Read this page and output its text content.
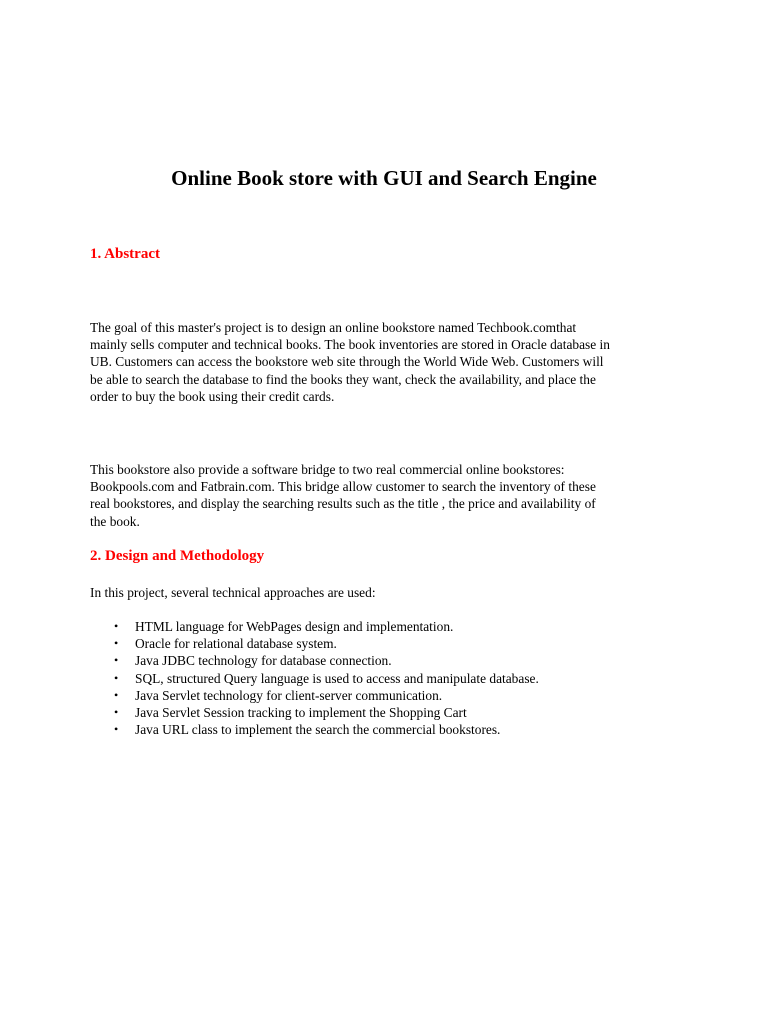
Online Book store with GUI and Search Engine
1. Abstract

The goal of this master's project is to design an online bookstore named Techbook.comthat
mainly sells computer and technical books. The book inventories are stored in Oracle database in
UB. Customers can access the bookstore web site through the World Wide Web. Customers will
be able to search the database to find the books they want, check the availability, and place the
order to buy the book using their credit cards.

This bookstore also provide a software bridge to two real commercial online bookstores:
Bookpools.com and Fatbrain.com. This bridge allow customer to search the inventory of these
real bookstores, and display the searching results such as the title , the price and availability of
the book.

2. Design and Methodology

In this project, several technical approaches are used:

• HTML language for WebPages design and implementation.
• Oracle for relational database system.
• Java JDBC technology for database connection.
• SQL, structured Query language is used to access and manipulate database.
• Java Servlet technology for client-server communication.
• Java Servlet Session tracking to implement the Shopping Cart
• Java URL class to implement the search the commercial bookstores.
